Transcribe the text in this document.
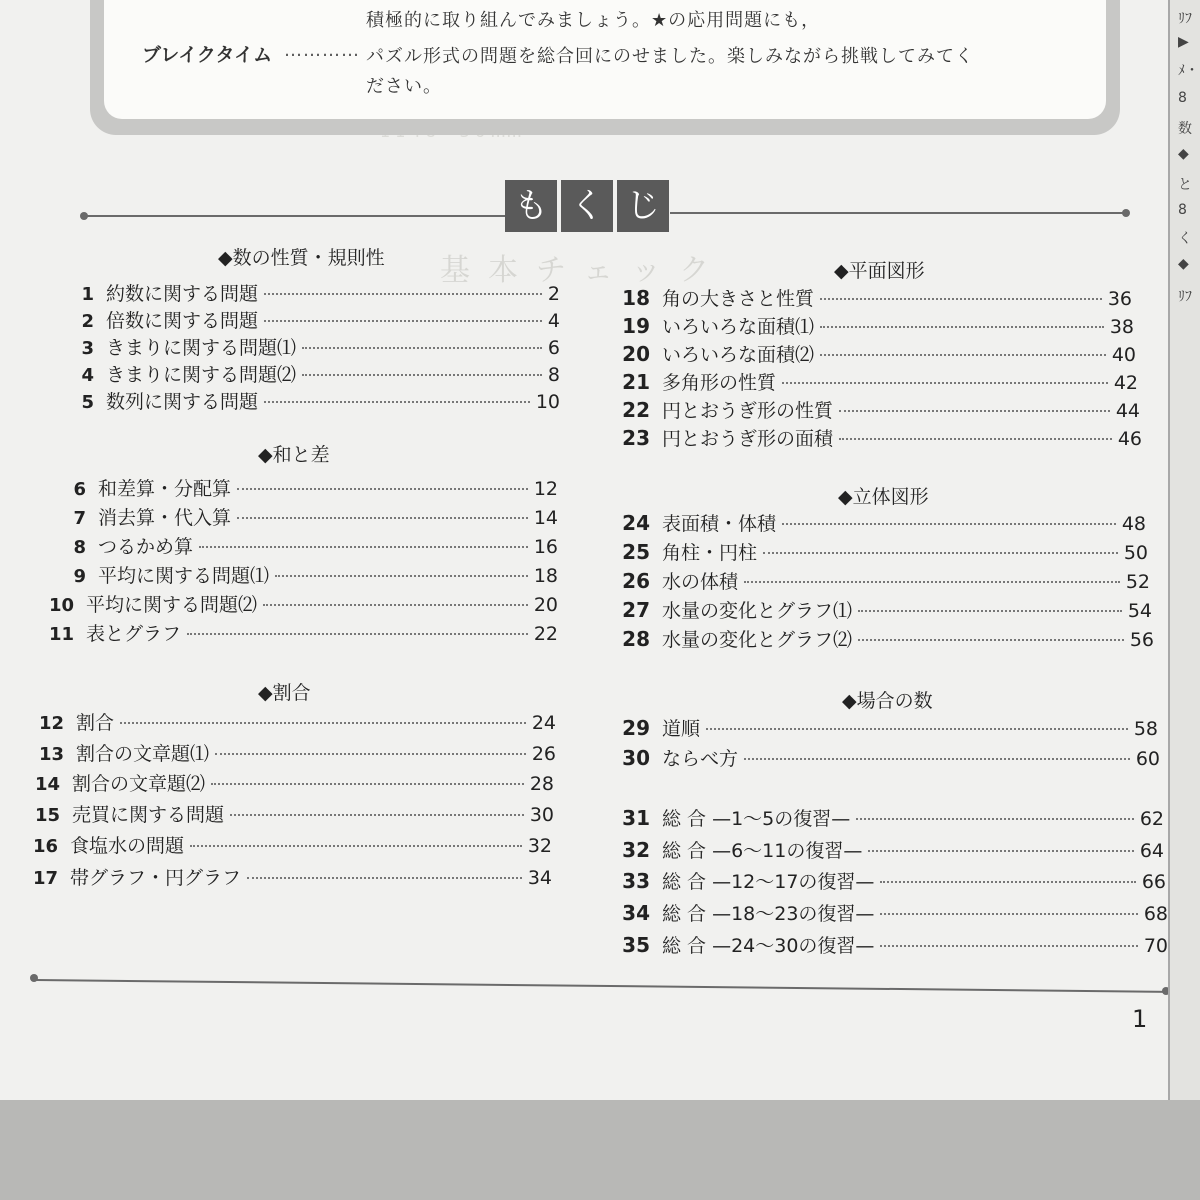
基本チェック
積極的に取り組んでみましょう。★の応用問題にも，
ブレイクタイム ………… パズル形式の問題を総合回にのせました。楽しみながら挑戦してみてく
ださい。
も く じ
◆数の性質・規則性
1 約数に関する問題	2
2 倍数に関する問題	4
3 きまりに関する問題⑴	6
4 きまりに関する問題⑵	8
5 数列に関する問題	10
◆和と差
6 和差算・分配算	12
7 消去算・代入算	14
8 つるかめ算	16
9 平均に関する問題⑴	18
10 平均に関する問題⑵	20
11 表とグラフ	22
◆割合
12 割合	24
13 割合の文章題⑴	26
14 割合の文章題⑵	28
15 売買に関する問題	30
16 食塩水の問題	32
17 帯グラフ・円グラフ	34
◆平面図形
18 角の大きさと性質	36
19 いろいろな面積⑴	38
20 いろいろな面積⑵	40
21 多角形の性質	42
22 円とおうぎ形の性質	44
23 円とおうぎ形の面積	46
◆立体図形
24 表面積・体積	48
25 角柱・円柱	50
26 水の体積	52
27 水量の変化とグラフ⑴	54
28 水量の変化とグラフ⑵	56
◆場合の数
29 道順	58
30 ならべ方	60
31 総 合 —1～5の復習—	62
32 総 合 —6～11の復習—	64
33 総 合 —12～17の復習—	66
34 総 合 —18～23の復習—	68
35 総 合 —24～30の復習—	70
1
ﾘﾌ
▶
ﾒ・
8
数
◆
と
8
く
◆
ﾘﾌ
